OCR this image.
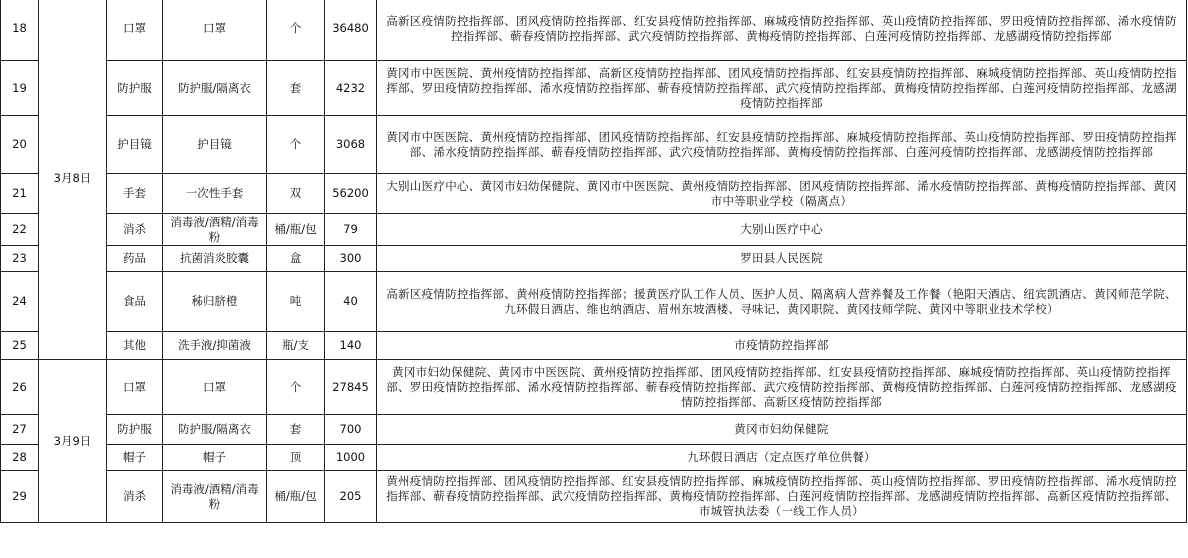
18	3月8日	口罩	口罩	个	36480	高新区疫情防控指挥部、团风疫情防控指挥部、红安县疫情防控指挥部、麻城疫情防控指挥部、英山疫情防控指挥部、罗田疫情防控指挥部、浠水疫情防控指挥部、蕲春疫情防控指挥部、武穴疫情防控指挥部、黄梅疫情防控指挥部、白莲河疫情防控指挥部、龙感湖疫情防控指挥部
19		防护服	防护服/隔离衣	套	4232	黄冈市中医医院、黄州疫情防控指挥部、高新区疫情防控指挥部、团风疫情防控指挥部、红安县疫情防控指挥部、麻城疫情防控指挥部、英山疫情防控指挥部、罗田疫情防控指挥部、浠水疫情防控指挥部、蕲春疫情防控指挥部、武穴疫情防控指挥部、黄梅疫情防控指挥部、白莲河疫情防控指挥部、龙感湖疫情防控指挥部
20		护目镜	护目镜	个	3068	黄冈市中医医院、黄州疫情防控指挥部、团风疫情防控指挥部、红安县疫情防控指挥部、麻城疫情防控指挥部、英山疫情防控指挥部、罗田疫情防控指挥部、浠水疫情防控指挥部、蕲春疫情防控指挥部、武穴疫情防控指挥部、黄梅疫情防控指挥部、白莲河疫情防控指挥部、龙感湖疫情防控指挥部
21		手套	一次性手套	双	56200	大别山医疗中心、黄冈市妇幼保健院、黄冈市中医医院、黄州疫情防控指挥部、团风疫情防控指挥部、浠水疫情防控指挥部、黄梅疫情防控指挥部、黄冈市中等职业学校（隔离点）
22		消杀	消毒液/酒精/消毒粉	桶/瓶/包	79	大别山医疗中心
23		药品	抗菌消炎胶囊	盒	300	罗田县人民医院
24		食品	秭归脐橙	吨	40	高新区疫情防控指挥部、黄州疫情防控指挥部；援黄医疗队工作人员、医护人员、隔离病人营养餐及工作餐（艳阳天酒店、纽宾凯酒店、黄冈师范学院、九环假日酒店、维也纳酒店、眉州东坡酒楼、寻味记、黄冈职院、黄冈技师学院、黄冈中等职业技术学校）
25		其他	洗手液/抑菌液	瓶/支	140	市疫情防控指挥部
26	3月9日	口罩	口罩	个	27845	黄冈市妇幼保健院、黄冈市中医医院、黄州疫情防控指挥部、团风疫情防控指挥部、红安县疫情防控指挥部、麻城疫情防控指挥部、英山疫情防控指挥部、罗田疫情防控指挥部、浠水疫情防控指挥部、蕲春疫情防控指挥部、武穴疫情防控指挥部、黄梅疫情防控指挥部、白莲河疫情防控指挥部、龙感湖疫情防控指挥部、高新区疫情防控指挥部
27		防护服	防护服/隔离衣	套	700	黄冈市妇幼保健院
28		帽子	帽子	顶	1000	九环假日酒店（定点医疗单位供餐）
29		消杀	消毒液/酒精/消毒粉	桶/瓶/包	205	黄州疫情防控指挥部、团风疫情防控指挥部、红安县疫情防控指挥部、麻城疫情防控指挥部、英山疫情防控指挥部、罗田疫情防控指挥部、浠水疫情防控指挥部、蕲春疫情防控指挥部、武穴疫情防控指挥部、黄梅疫情防控指挥部、白莲河疫情防控指挥部、龙感湖疫情防控指挥部、高新区疫情防控指挥部、市城管执法委（一线工作人员）
